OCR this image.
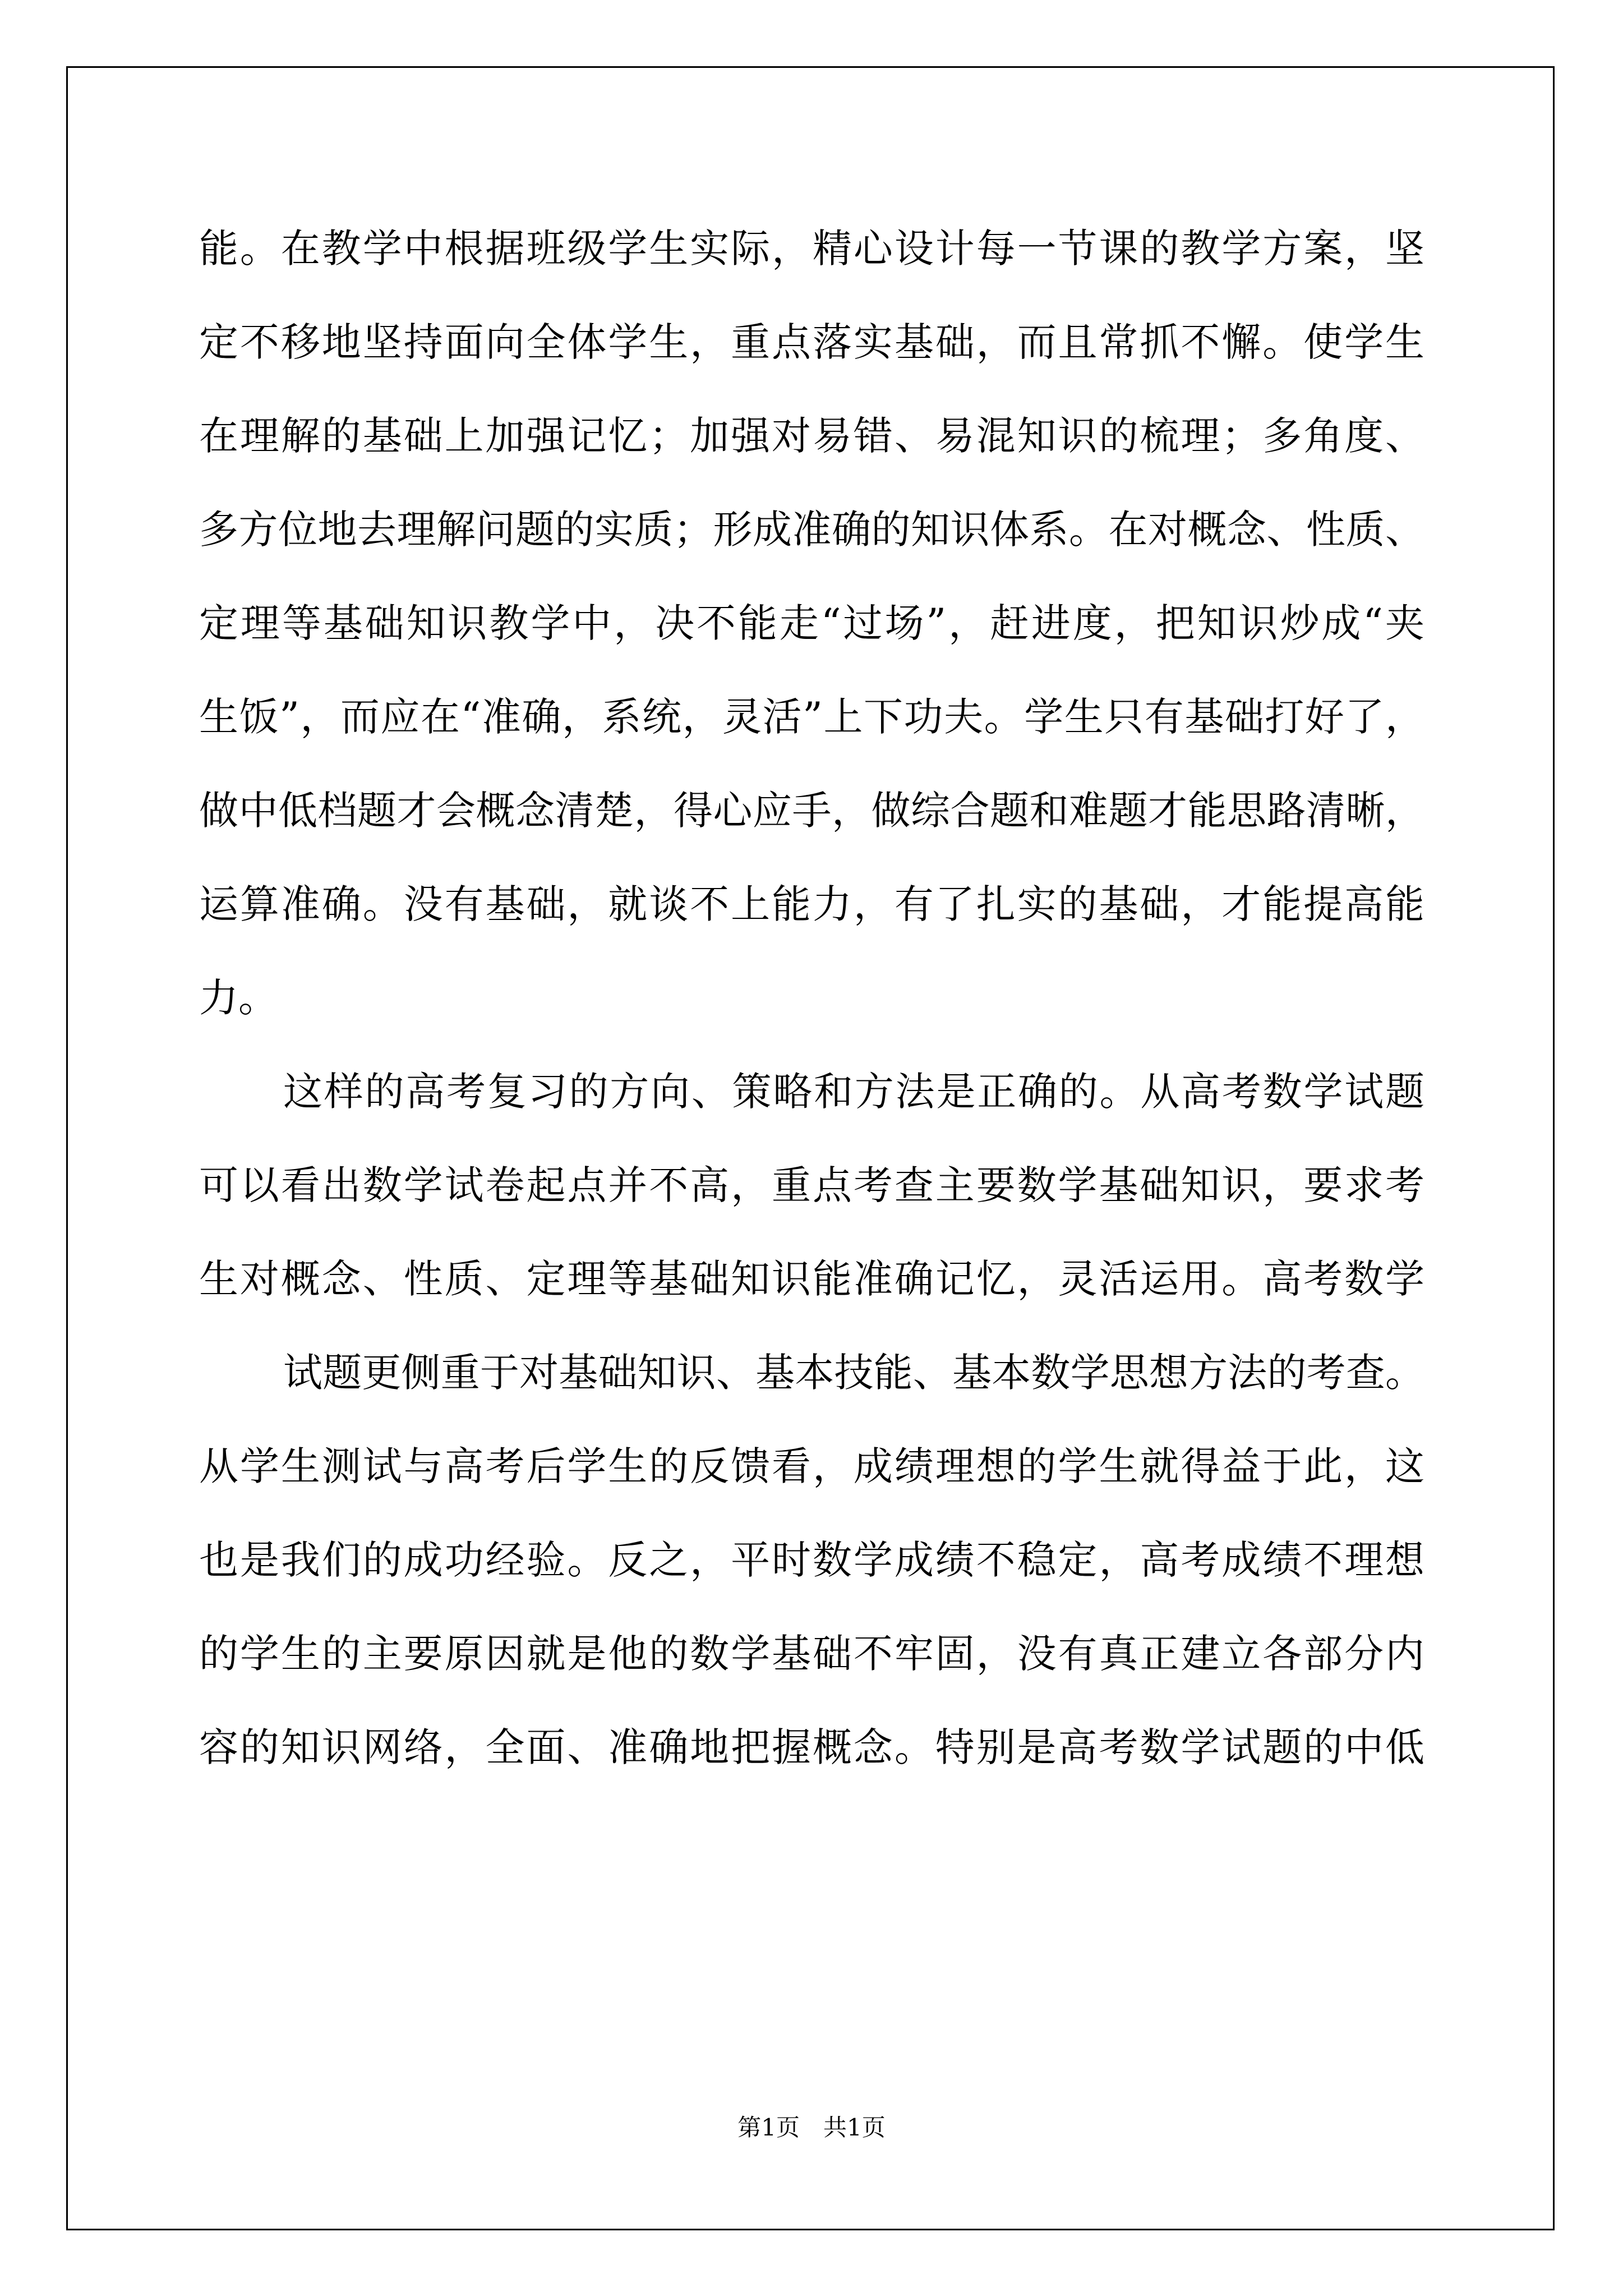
能。在教学中根据班级学生实际，精心设计每一节课的教学方案，坚
定不移地坚持面向全体学生，重点落实基础，而且常抓不懈。使学生
在理解的基础上加强记忆；加强对易错、易混知识的梳理；多角度、
多方位地去理解问题的实质；形成准确的知识体系。在对概念、性质、
定理等基础知识教学中，决不能走“过场”，赶进度，把知识炒成“夹
生饭”，而应在“准确，系统，灵活”上下功夫。学生只有基础打好了，
做中低档题才会概念清楚，得心应手，做综合题和难题才能思路清晰，
运算准确。没有基础，就谈不上能力，有了扎实的基础，才能提高能
力。
这样的高考复习的方向、策略和方法是正确的。从高考数学试题
可以看出数学试卷起点并不高，重点考查主要数学基础知识，要求考
生对概念、性质、定理等基础知识能准确记忆，灵活运用。高考数学
试题更侧重于对基础知识、基本技能、基本数学思想方法的考查。
从学生测试与高考后学生的反馈看，成绩理想的学生就得益于此，这
也是我们的成功经验。反之，平时数学成绩不稳定，高考成绩不理想
的学生的主要原因就是他的数学基础不牢固，没有真正建立各部分内
容的知识网络，全面、准确地把握概念。特别是高考数学试题的中低
第1页　共1页
